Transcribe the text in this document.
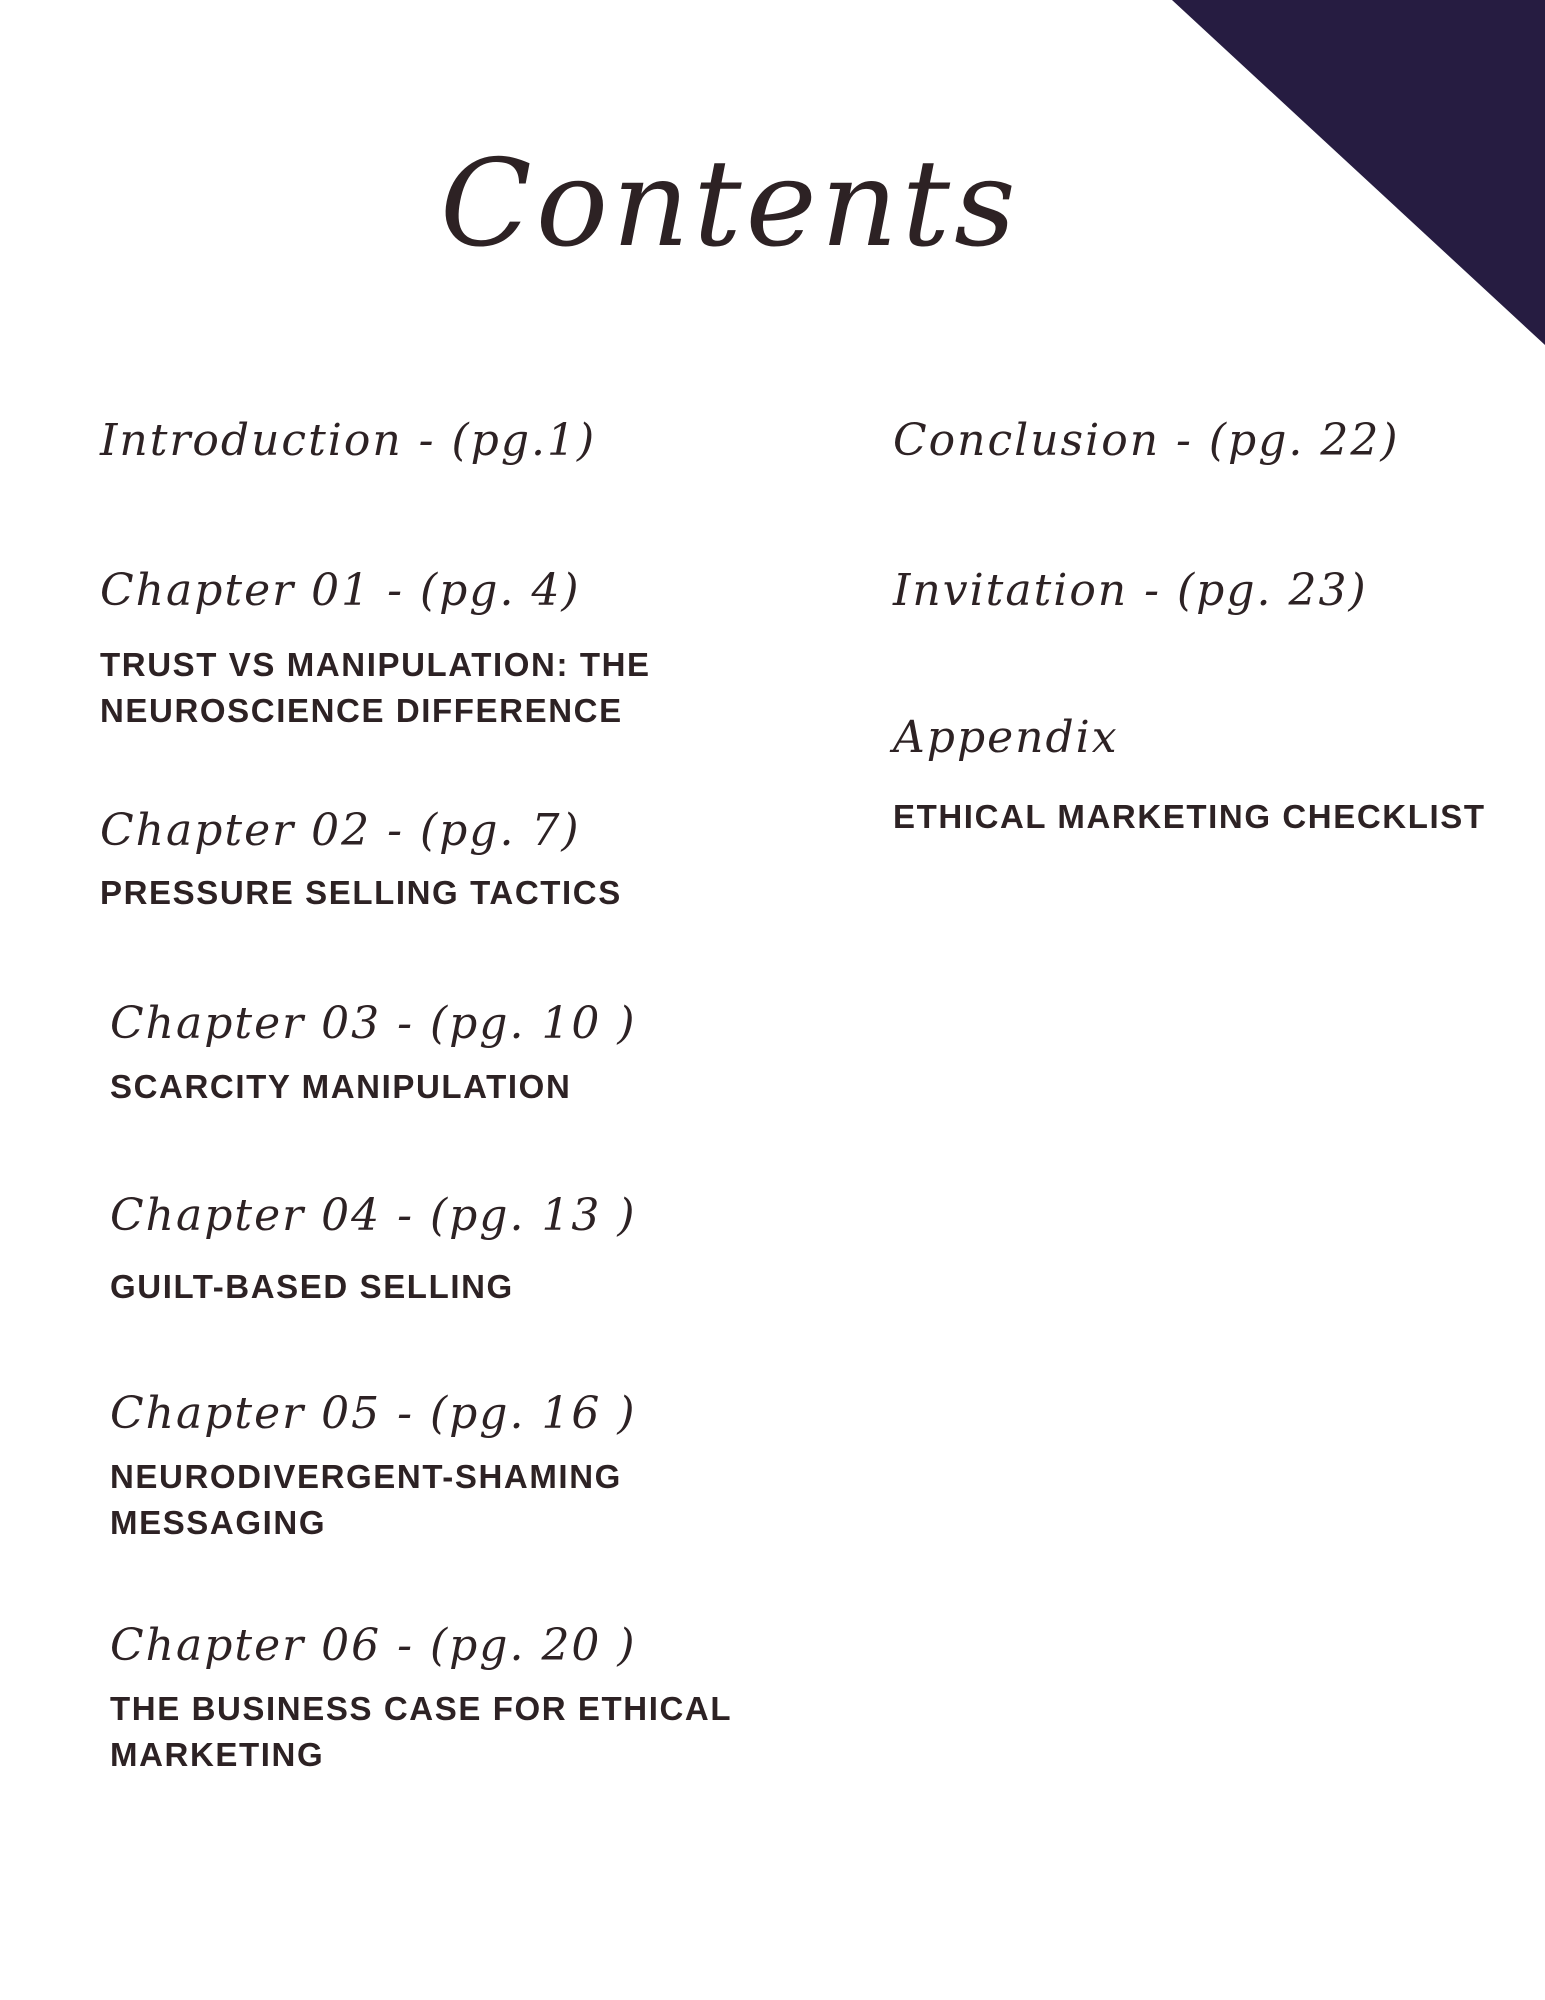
Contents
Introduction - (pg.1)
Chapter 01 - (pg. 4)
TRUST VS MANIPULATION: THE NEUROSCIENCE DIFFERENCE
Chapter 02 - (pg. 7)
PRESSURE SELLING TACTICS
Chapter 03 - (pg. 10 )
SCARCITY MANIPULATION
Chapter 04 - (pg. 13 )
GUILT-BASED SELLING
Chapter 05 - (pg. 16 )
NEURODIVERGENT-SHAMING MESSAGING
Chapter 06 - (pg. 20 )
THE BUSINESS CASE FOR ETHICAL MARKETING
Conclusion - (pg. 22)
Invitation - (pg. 23)
Appendix
ETHICAL MARKETING CHECKLIST
